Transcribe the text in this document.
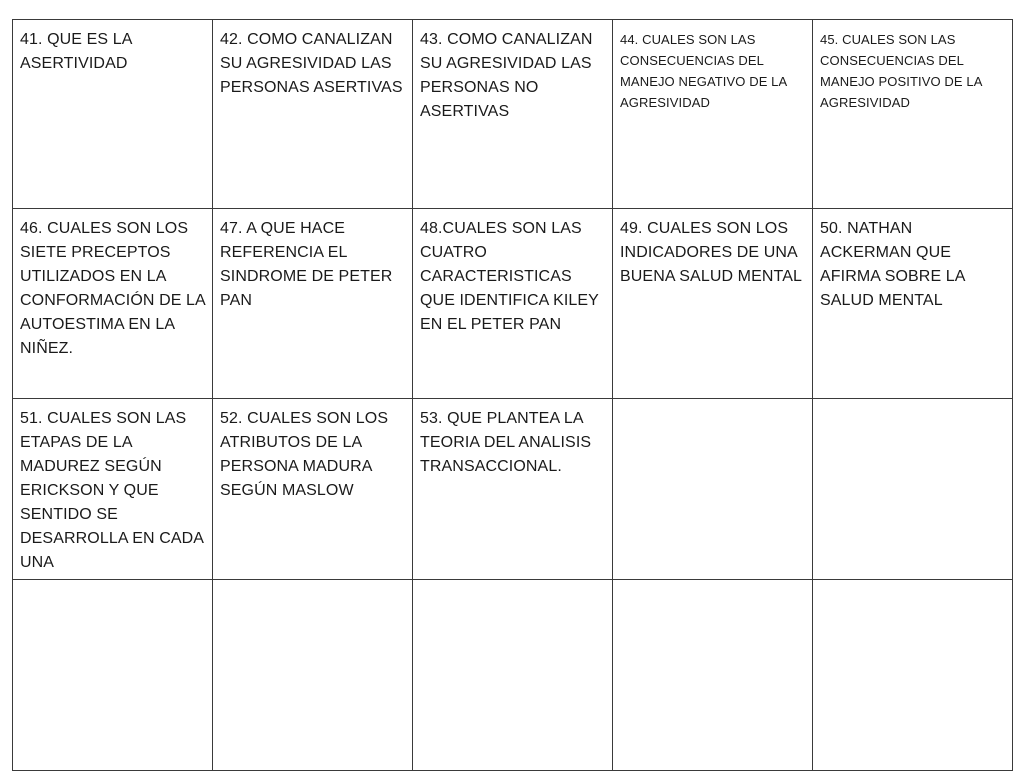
41. QUE ES LA ASERTIVIDAD	42. COMO CANALIZAN SU AGRESIVIDAD LAS PERSONAS ASERTIVAS	43. COMO CANALIZAN SU AGRESIVIDAD LAS PERSONAS NO ASERTIVAS	44. CUALES SON LAS CONSECUENCIAS DEL MANEJO NEGATIVO DE LA AGRESIVIDAD	45. CUALES SON LAS CONSECUENCIAS DEL MANEJO POSITIVO DE LA AGRESIVIDAD

46. CUALES SON LOS SIETE PRECEPTOS UTILIZADOS EN LA CONFORMACIÓN DE LA AUTOESTIMA EN LA NIÑEZ.	47. A QUE HACE REFERENCIA EL SINDROME DE PETER PAN	48.CUALES SON LAS CUATRO CARACTERISTICAS QUE IDENTIFICA KILEY EN EL PETER PAN	49. CUALES SON LOS INDICADORES DE UNA BUENA SALUD MENTAL	50. NATHAN ACKERMAN QUE AFIRMA SOBRE LA SALUD MENTAL

51. CUALES SON LAS ETAPAS DE LA MADUREZ SEGÚN ERICKSON Y QUE SENTIDO SE DESARROLLA EN CADA UNA	52. CUALES SON LOS ATRIBUTOS DE LA PERSONA MADURA SEGÚN MASLOW	53. QUE PLANTEA LA TEORIA DEL ANALISIS TRANSACCIONAL.		
